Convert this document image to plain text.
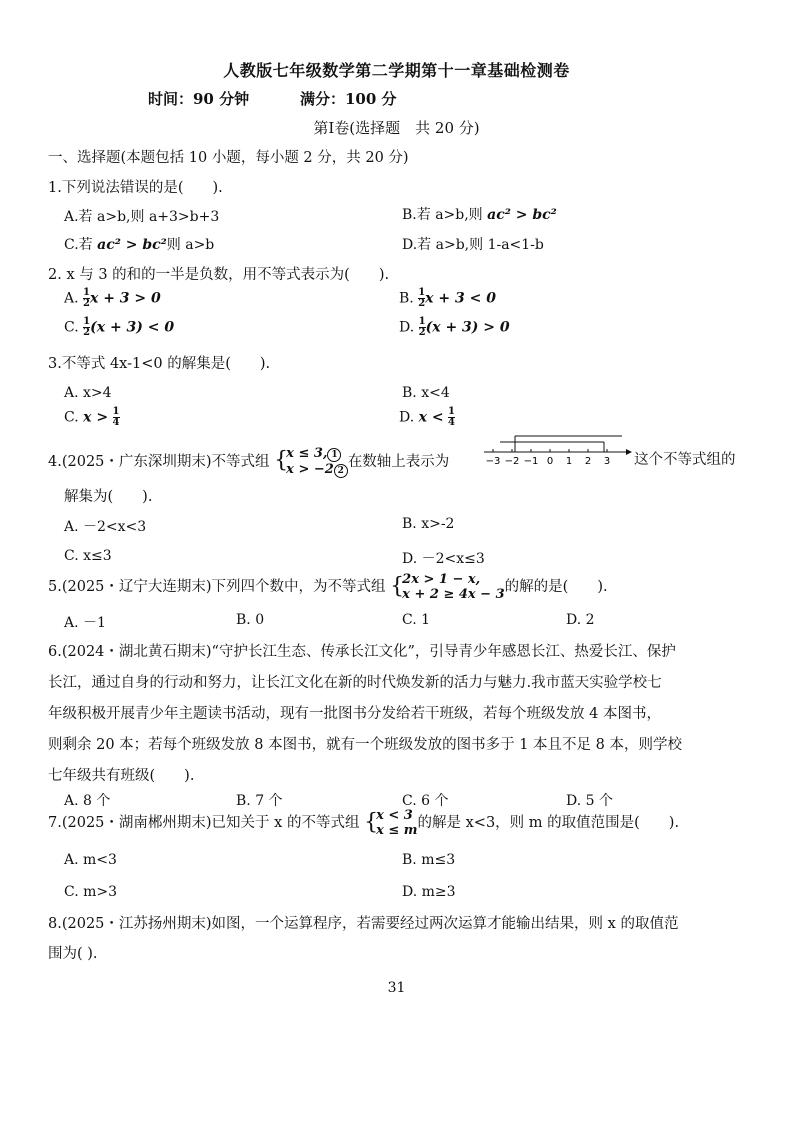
人教版七年级数学第二学期第十一章基础检测卷
时间：90 分钟	满分：100 分
第Ⅰ卷(选择题　共 20 分)
一、选择题(本题包括 10 小题，每小题 2 分，共 20 分)
1.下列说法错误的是(　　).
A.若 a>b,则 a+3>b+3	B.若 a>b,则 ac² > bc²
C.若 ac² > bc²则 a>b	D.若 a>b,则 1-a<1-b
2. x 与 3 的和的一半是负数，用不等式表示为(　　).
A. $\frac{1}{2}$ x + 3 > 0	B. $\frac{1}{2}$ x + 3 < 0
C. $\frac{1}{2} (x + 3) < 0$	D. $\frac{1}{2} (x + 3) > 0$
3.不等式 4x-1<0 的解集是(　　).
A. x>4	B. x<4
C. $x > \frac{1}{4}$	D. $x < \frac{1}{4}$
4.(2025・广东深圳期末)不等式组 {
x ≤ 3, 1
x > −2 2
在数轴上表示为	−3 −2 −1 0 1 2 3 这个不等式组的
解集为(　　).
A. －2<x<3	B. x>-2
C. x≤3	D. －2<x≤3
5.(2025・辽宁大连期末)下列四个数中，为不等式组 {
2x > 1 − x,
x + 2 ≥ 4x − 3 的解的是(　　).
A. －1	B. 0	C. 1	D. 2
6.(2024・湖北黄石期末)“守护长江生态、传承长江文化”，引导青少年感恩长江、热爱长江、保护
长江，通过自身的行动和努力，让长江文化在新的时代焕发新的活力与魅力.我市蓝天实验学校七
年级积极开展青少年主题读书活动，现有一批图书分发给若干班级，若每个班级发放 4 本图书，
则剩余 20 本；若每个班级发放 8 本图书，就有一个班级发放的图书多于 1 本且不足 8 本，则学校
七年级共有班级(　　).
A. 8 个	B. 7 个	C. 6 个	D. 5 个
7.(2025・湖南郴州期末)已知关于 x 的不等式组 {
x < 3
x ≤ m 的解是 x<3，则 m 的取值范围是(　　).
A. m<3	B. m≤3
C. m>3	D. m≥3
8.(2025・江苏扬州期末)如图，一个运算程序，若需要经过两次运算才能输出结果，则 x 的取值范
围为( ).
31
